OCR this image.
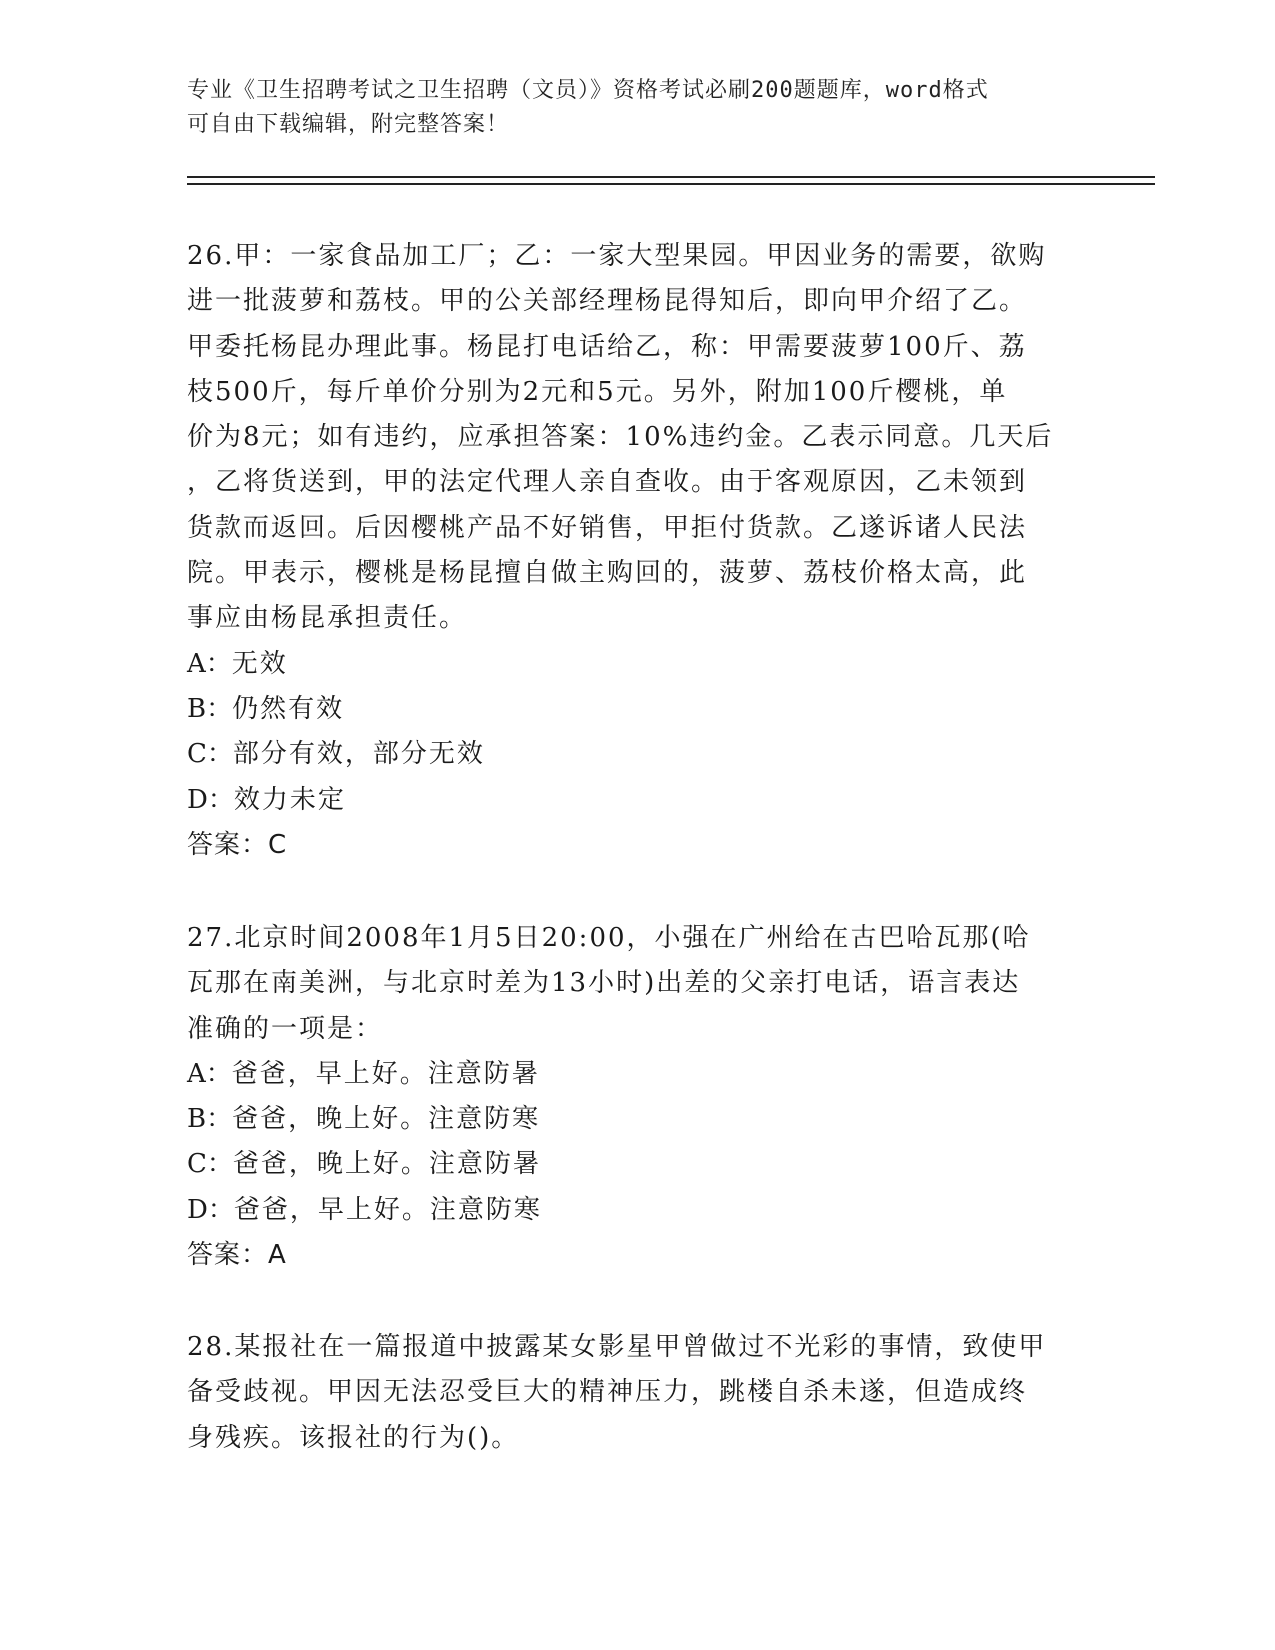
专业《卫生招聘考试之卫生招聘（文员）》资格考试必刷200题题库，word格式
可自由下载编辑，附完整答案！
26.甲：一家食品加工厂；乙：一家大型果园。甲因业务的需要，欲购
进一批菠萝和荔枝。甲的公关部经理杨昆得知后，即向甲介绍了乙。
甲委托杨昆办理此事。杨昆打电话给乙，称：甲需要菠萝100斤、荔
枝500斤，每斤单价分别为2元和5元。另外，附加100斤樱桃，单
价为8元；如有违约，应承担答案：10%违约金。乙表示同意。几天后
，乙将货送到，甲的法定代理人亲自查收。由于客观原因，乙未领到
货款而返回。后因樱桃产品不好销售，甲拒付货款。乙遂诉诸人民法
院。甲表示，樱桃是杨昆擅自做主购回的，菠萝、荔枝价格太高，此
事应由杨昆承担责任。
A：无效
B：仍然有效
C：部分有效，部分无效
D：效力未定
答案：C
27.北京时间2008年1月5日20:00，小强在广州给在古巴哈瓦那(哈
瓦那在南美洲，与北京时差为13小时)出差的父亲打电话，语言表达
准确的一项是：
A：爸爸，早上好。注意防暑
B：爸爸，晚上好。注意防寒
C：爸爸，晚上好。注意防暑
D：爸爸，早上好。注意防寒
答案：A
28.某报社在一篇报道中披露某女影星甲曾做过不光彩的事情，致使甲
备受歧视。甲因无法忍受巨大的精神压力，跳楼自杀未遂，但造成终
身残疾。该报社的行为()。
